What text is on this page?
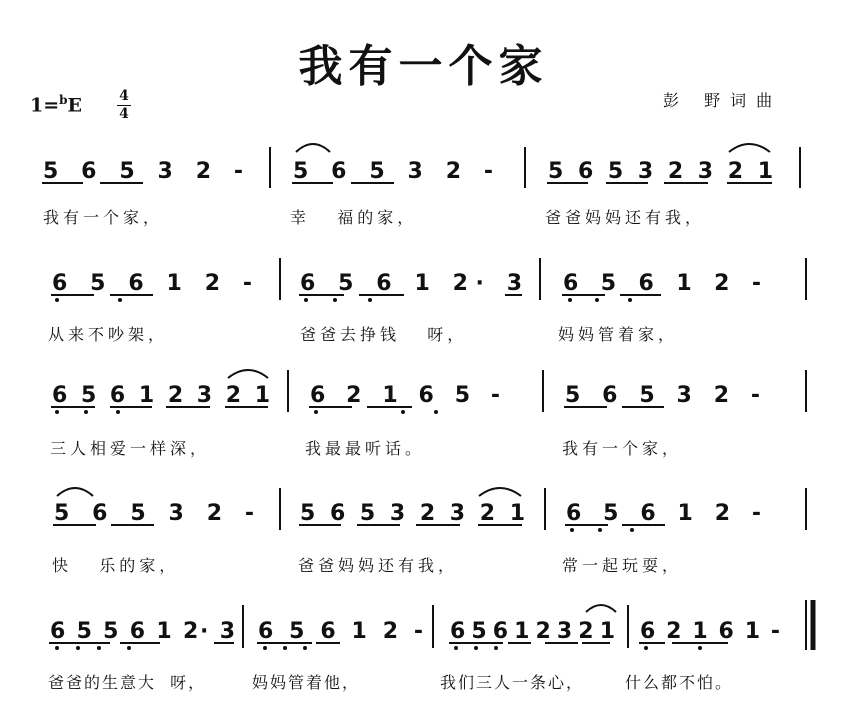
我有一个家
1=$^b$E	4
4
彭 野词曲
5 6 5 3 2 - 5 6 5 3 2 -	5 6 5 3 2 3 2 1
6 5 6 1 2 - 6 5 6 1 2· 3 6 5 6 1 2 -
6 5 6 1 2 3 2 1 6 2 1 6 5 -	5 6 5 3 2 -
5 6 5 3 2 - 5 6 5 3 2 3 2 1 6 5 6 1 2 -
6 5 5 6 1 2· 3 6 5 6 1 2 - 6 5 6 1 2 3 2 1 6 2 1 6 1 -
我有一个家，	幸   福的家，	爸爸妈妈还有我，
从来不吵架，	爸爸去挣钱   呀，	妈妈管着家，
三人相爱一样深，	我最最听话。	我有一个家，
快   乐的家，	爸爸妈妈还有我，	常一起玩耍，
爸爸的生意大  呀，	妈妈管着他，	我们三人一条心，	什么都不怕。
